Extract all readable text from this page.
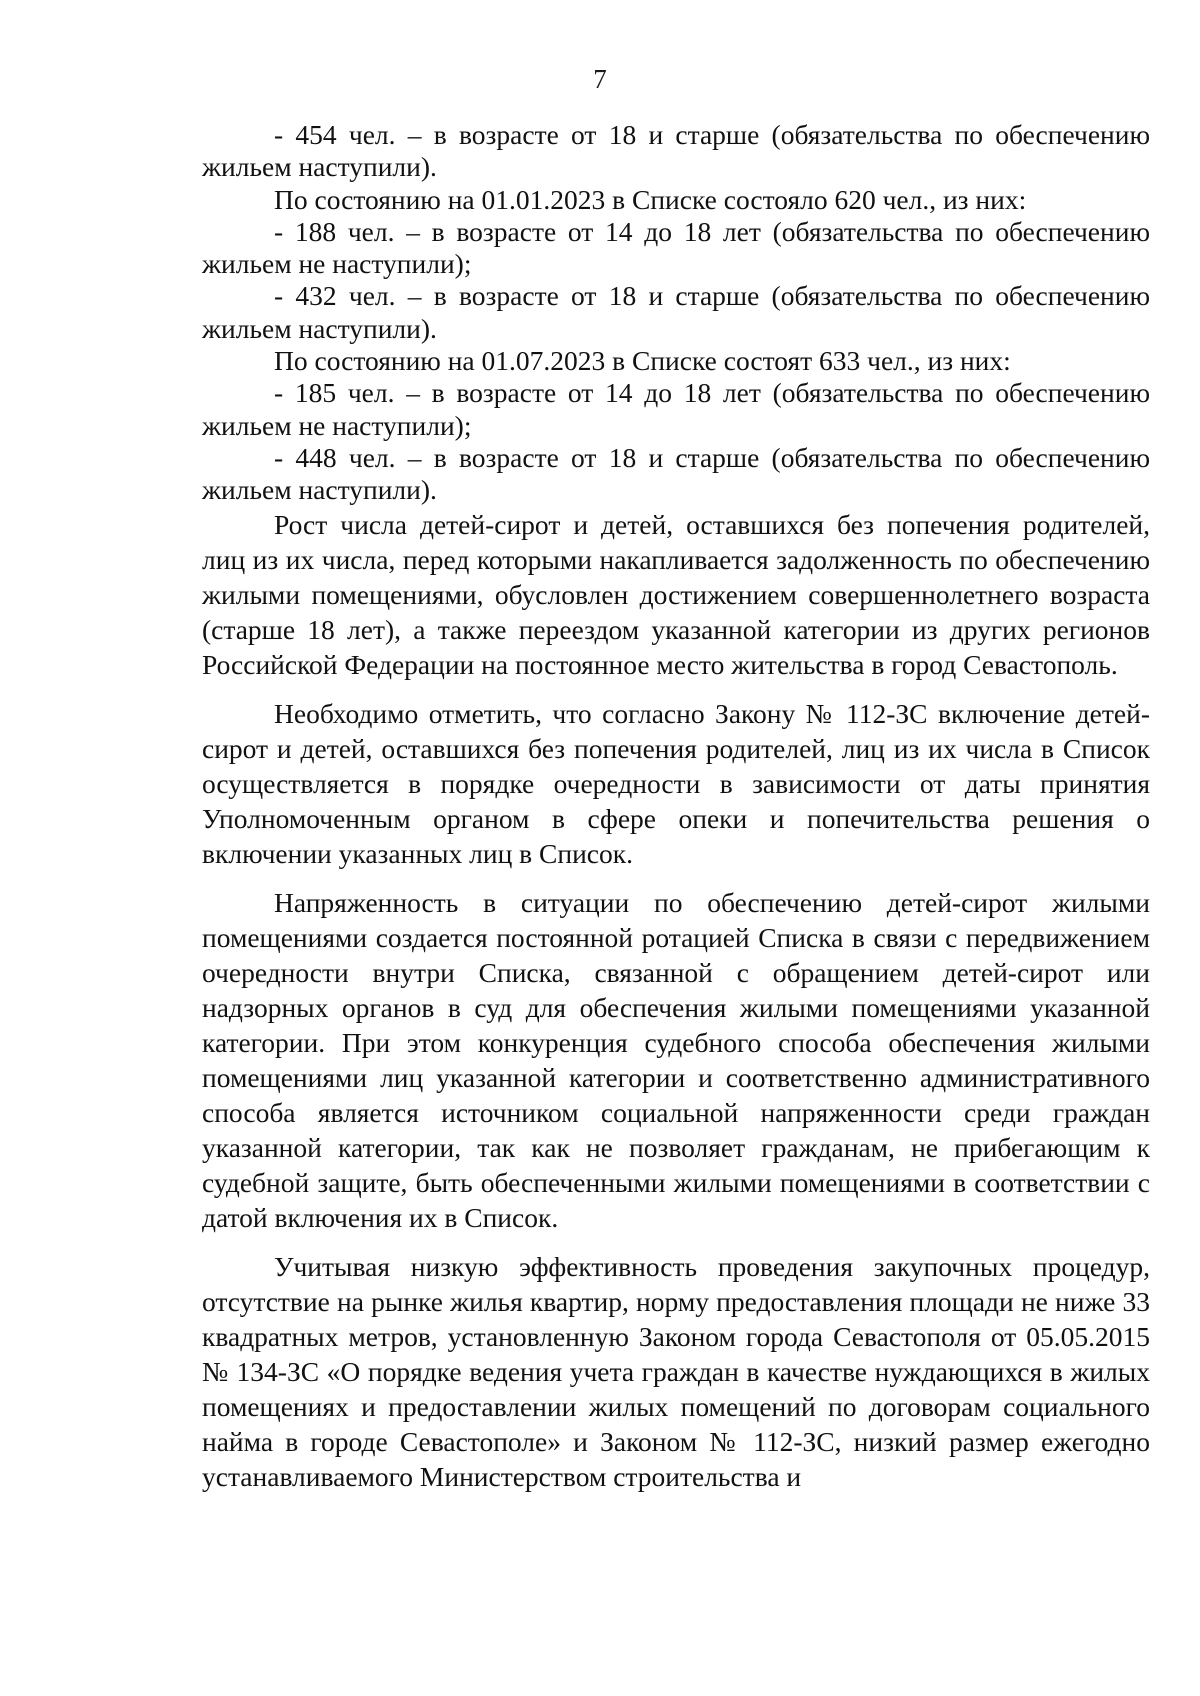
7

- 454 чел. – в возрасте от 18 и старше (обязательства по обеспечению жильем наступили).

По состоянию на 01.01.2023 в Списке состояло 620 чел., из них:

- 188 чел. – в возрасте от 14 до 18 лет (обязательства по обеспечению жильем не наступили);

- 432 чел. – в возрасте от 18 и старше (обязательства по обеспечению жильем наступили).

По состоянию на 01.07.2023 в Списке состоят 633 чел., из них:

- 185 чел. – в возрасте от 14 до 18 лет (обязательства по обеспечению жильем не наступили);

- 448 чел. – в возрасте от 18 и старше (обязательства по обеспечению жильем наступили).

Рост числа детей-сирот и детей, оставшихся без попечения родителей, лиц из их числа, перед которыми накапливается задолженность по обеспечению жилыми помещениями, обусловлен достижением совершеннолетнего возраста (старше 18 лет), а также переездом указанной категории из других регионов Российской Федерации на постоянное место жительства в город Севастополь.

Необходимо отметить, что согласно Закону № 112-ЗС включение детей-сирот и детей, оставшихся без попечения родителей, лиц из их числа в Список осуществляется в порядке очередности в зависимости от даты принятия Уполномоченным органом в сфере опеки и попечительства решения о включении указанных лиц в Список.

Напряженность в ситуации по обеспечению детей-сирот жилыми помещениями создается постоянной ротацией Списка в связи с передвижением очередности внутри Списка, связанной с обращением детей-сирот или надзорных органов в суд для обеспечения жилыми помещениями указанной категории. При этом конкуренция судебного способа обеспечения жилыми помещениями лиц указанной категории и соответственно административного способа является источником социальной напряженности среди граждан указанной категории, так как не позволяет гражданам, не прибегающим к судебной защите, быть обеспеченными жилыми помещениями в соответствии с датой включения их в Список.

Учитывая низкую эффективность проведения закупочных процедур, отсутствие на рынке жилья квартир, норму предоставления площади не ниже 33 квадратных метров, установленную Законом города Севастополя от 05.05.2015 № 134-ЗС «О порядке ведения учета граждан в качестве нуждающихся в жилых помещениях и предоставлении жилых помещений по договорам социального найма в городе Севастополе» и Законом № 112-ЗС, низкий размер ежегодно устанавливаемого Министерством строительства и
